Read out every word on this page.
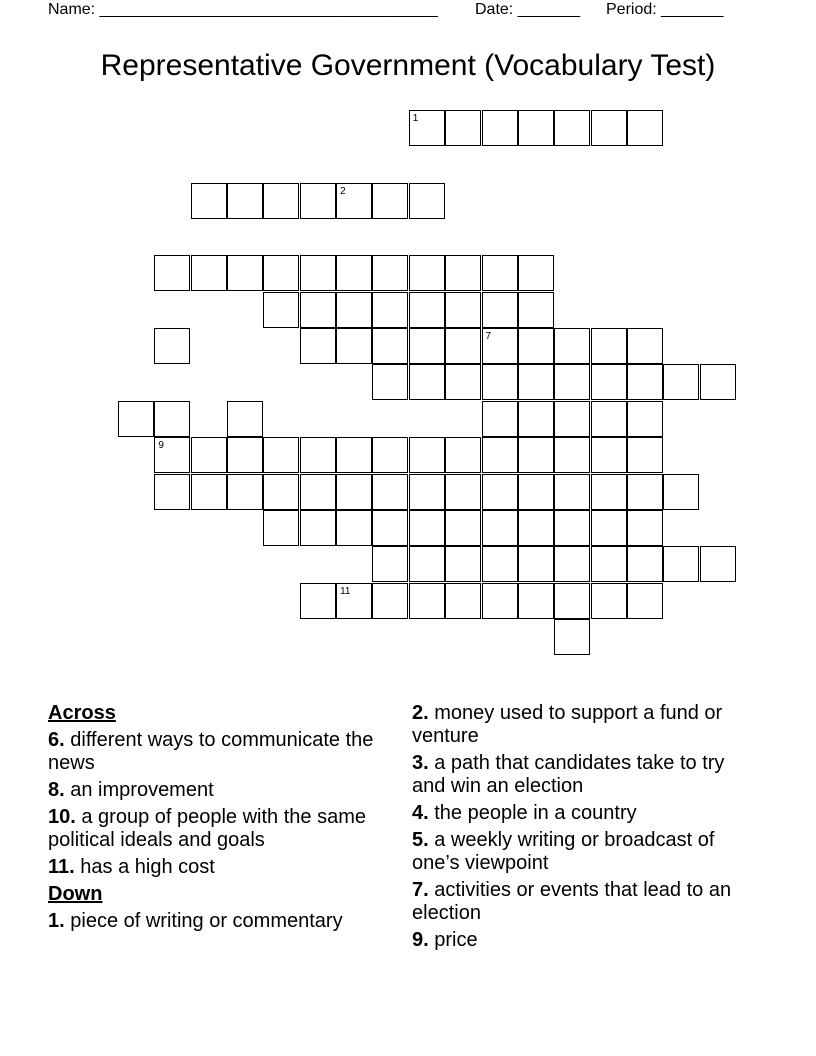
Name: ______________________________________ Date: _______ Period: _______
Representative Government (Vocabulary Test)
1
2
7
9
11
Across
6. different ways to communicate the news
8. an improvement
10. a group of people with the same political ideals and goals
11. has a high cost
Down
1. piece of writing or commentary
2. money used to support a fund or venture
3. a path that candidates take to try and win an election
4. the people in a country
5. a weekly writing or broadcast of one’s viewpoint
7. activities or events that lead to an election
9. price
